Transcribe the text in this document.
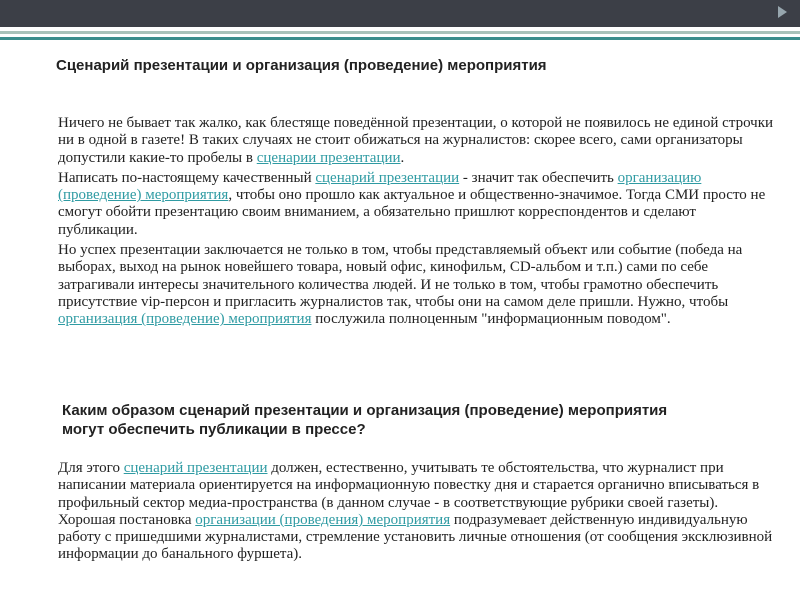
Сценарий презентации и организация (проведение) мероприятия

Ничего не бывает так жалко, как блестяще поведённой презентации, о которой не появилось не единой строчки ни в одной в газете! В таких случаях не стоит обижаться на журналистов: скорее всего, сами организаторы допустили какие-то пробелы в сценарии презентации.

Написать по-настоящему качественный сценарий презентации - значит так обеспечить организацию (проведение) мероприятия, чтобы оно прошло как актуальное и общественно-значимое. Тогда СМИ просто не смогут обойти презентацию своим вниманием, а обязательно пришлют корреспондентов и сделают публикации.

Но успех презентации заключается не только в том, чтобы представляемый объект или событие (победа на выборах, выход на рынок новейшего товара, новый офис, кинофильм, CD-альбом и т.п.) сами по себе затрагивали интересы значительного количества людей. И не только в том, чтобы грамотно обеспечить присутствие vip-персон и пригласить журналистов так, чтобы они на самом деле пришли. Нужно, чтобы организация (проведение) мероприятия послужила полноценным "информационным поводом".

Каким образом сценарий презентации и организация (проведение) мероприятия могут обеспечить публикации в прессе?

Для этого сценарий презентации должен, естественно, учитывать те обстоятельства, что журналист при написании материала ориентируется на информационную повестку дня и старается органично вписываться в профильный сектор медиа-пространства (в данном случае - в соответствующие рубрики своей газеты). Хорошая постановка организации (проведения) мероприятия подразумевает действенную индивидуальную работу с пришедшими журналистами, стремление установить личные отношения (от сообщения эксклюзивной информации до банального фуршета).
